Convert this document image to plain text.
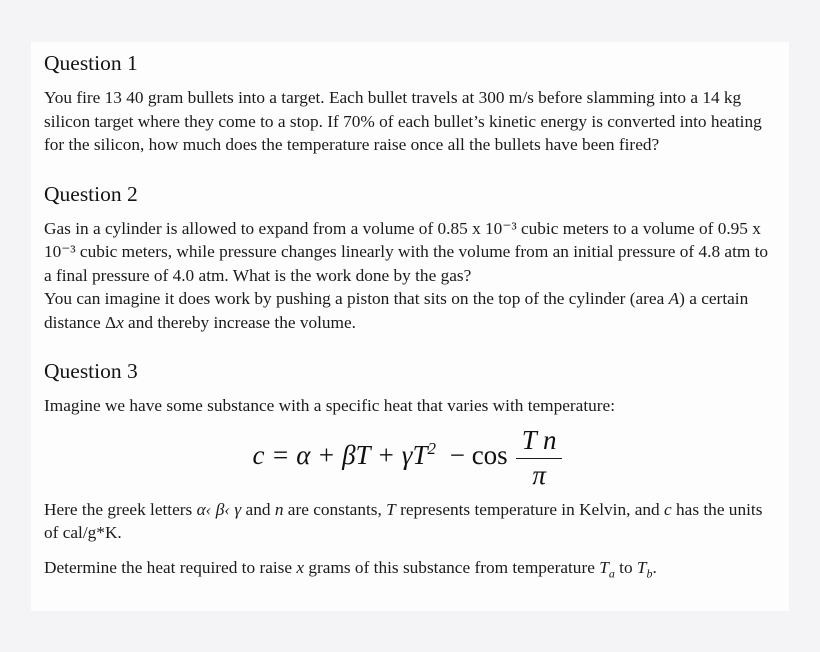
Question 1

You fire 13 40 gram bullets into a target. Each bullet travels at 300 m/s before slamming into a 14 kg silicon target where they come to a stop. If 70% of each bullet’s kinetic energy is converted into heating for the silicon, how much does the temperature raise once all the bullets have been fired?

Question 2

Gas in a cylinder is allowed to expand from a volume of 0.85 x 10⁻³ cubic meters to a volume of 0.95 x 10⁻³ cubic meters, while pressure changes linearly with the volume from an initial pressure of 4.8 atm to a final pressure of 4.0 atm. What is the work done by the gas?
You can imagine it does work by pushing a piston that sits on the top of the cylinder (area A) a certain distance Δx and thereby increase the volume.

Question 3

Imagine we have some substance with a specific heat that varies with temperature:

$c = \alpha + \beta T + \gamma T^2 - \cos \frac{\text{T n}}{\pi}$

Here the greek letters α‹ β‹ γ and n are constants, T represents temperature in Kelvin, and c has the units of cal/g*K.

Determine the heat required to raise x grams of this substance from temperature $T_a$ to $T_b$.
